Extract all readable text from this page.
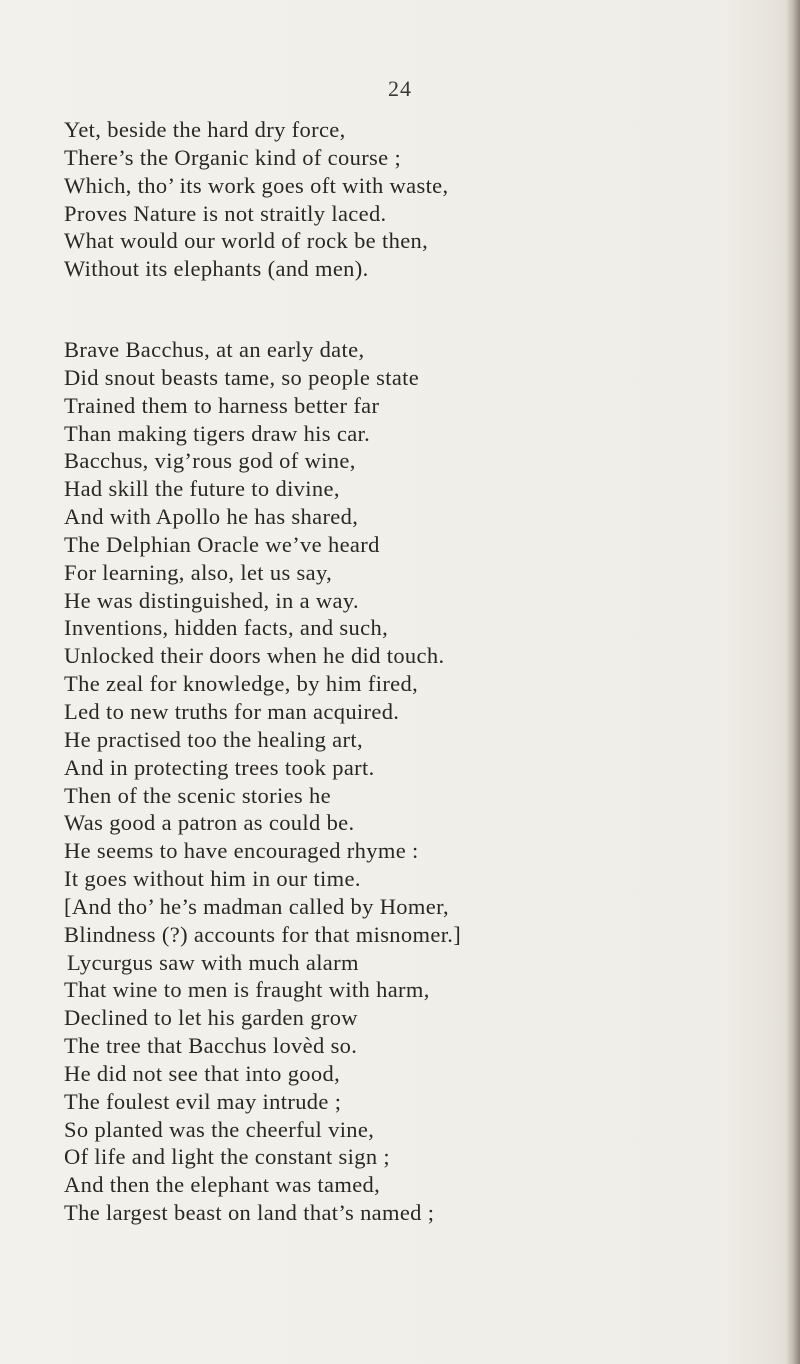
24
Yet, beside the hard dry force,
There’s the Organic kind of course ;
Which, tho’ its work goes oft with waste,
Proves Nature is not straitly laced.
What would our world of rock be then,
Without its elephants (and men).
Brave Bacchus, at an early date,
Did snout beasts tame, so people state
Trained them to harness better far
Than making tigers draw his car.
Bacchus, vig’rous god of wine,
Had skill the future to divine,
And with Apollo he has shared,
The Delphian Oracle we’ve heard
For learning, also, let us say,
He was distinguished, in a way.
Inventions, hidden facts, and such,
Unlocked their doors when he did touch.
The zeal for knowledge, by him fired,
Led to new truths for man acquired.
He practised too the healing art,
And in protecting trees took part.
Then of the scenic stories he
Was good a patron as could be.
He seems to have encouraged rhyme :
It goes without him in our time.
[And tho’ he’s madman called by Homer,
Blindness (?) accounts for that misnomer.]
Lycurgus saw with much alarm
That wine to men is fraught with harm,
Declined to let his garden grow
The tree that Bacchus lovèd so.
He did not see that into good,
The foulest evil may intrude ;
So planted was the cheerful vine,
Of life and light the constant sign ;
And then the elephant was tamed,
The largest beast on land that’s named ;
